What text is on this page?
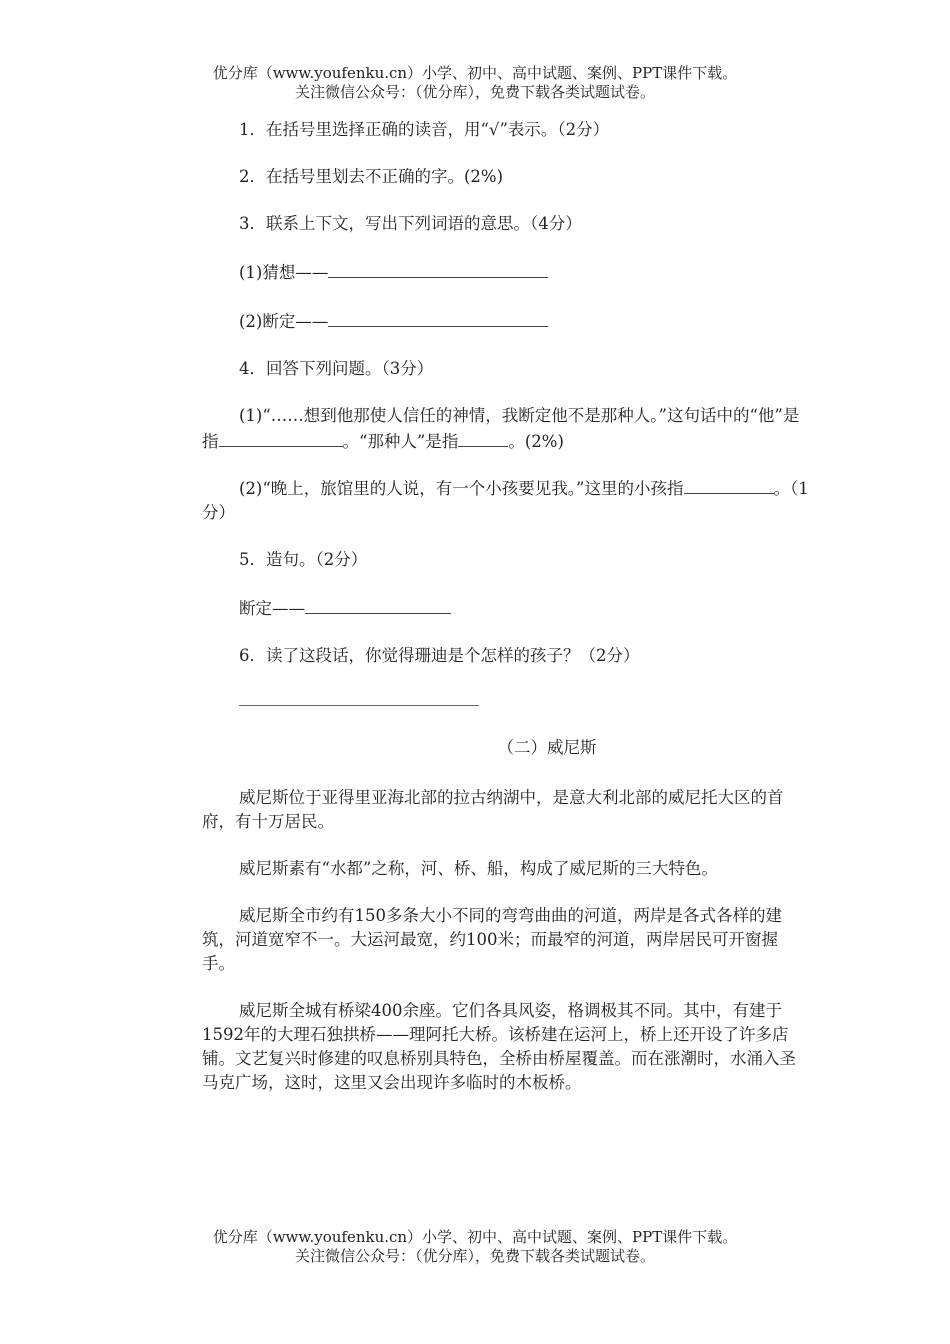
优分库（www.youfenku.cn）小学、初中、高中试题、案例、PPT课件下载。
关注微信公众号：（优分库），免费下载各类试题试卷。

1．在括号里选择正确的读音，用“√”表示。（2分）

2．在括号里划去不正确的字。(2%)

3．联系上下文，写出下列词语的意思。（4分）

(1)猜想——

(2)断定——

4．回答下列问题。（3分）

(1)“……想到他那使人信任的神情，我断定他不是那种人。”这句话中的“他”是指	。“那种人”是指	。(2%)

(2)“晚上，旅馆里的人说，有一个小孩要见我。”这里的小孩指	。（1分）

5．造句。（2分）

断定——

6．读了这段话，你觉得珊迪是个怎样的孩子？（2分）

（二）威尼斯

威尼斯位于亚得里亚海北部的拉古纳湖中，是意大利北部的威尼托大区的首府，有十万居民。

威尼斯素有“水都”之称，河、桥、船，构成了威尼斯的三大特色。

威尼斯全市约有150多条大小不同的弯弯曲曲的河道，两岸是各式各样的建筑，河道宽窄不一。大运河最宽，约100米；而最窄的河道，两岸居民可开窗握手。

威尼斯全城有桥梁400余座。它们各具风姿，格调极其不同。其中，有建于1592年的大理石独拱桥——理阿托大桥。该桥建在运河上，桥上还开设了许多店铺。文艺复兴时修建的叹息桥别具特色，全桥由桥屋覆盖。而在涨潮时，水涌入圣马克广场，这时，这里又会出现许多临时的木板桥。

优分库（www.youfenku.cn）小学、初中、高中试题、案例、PPT课件下载。
关注微信公众号：（优分库），免费下载各类试题试卷。
